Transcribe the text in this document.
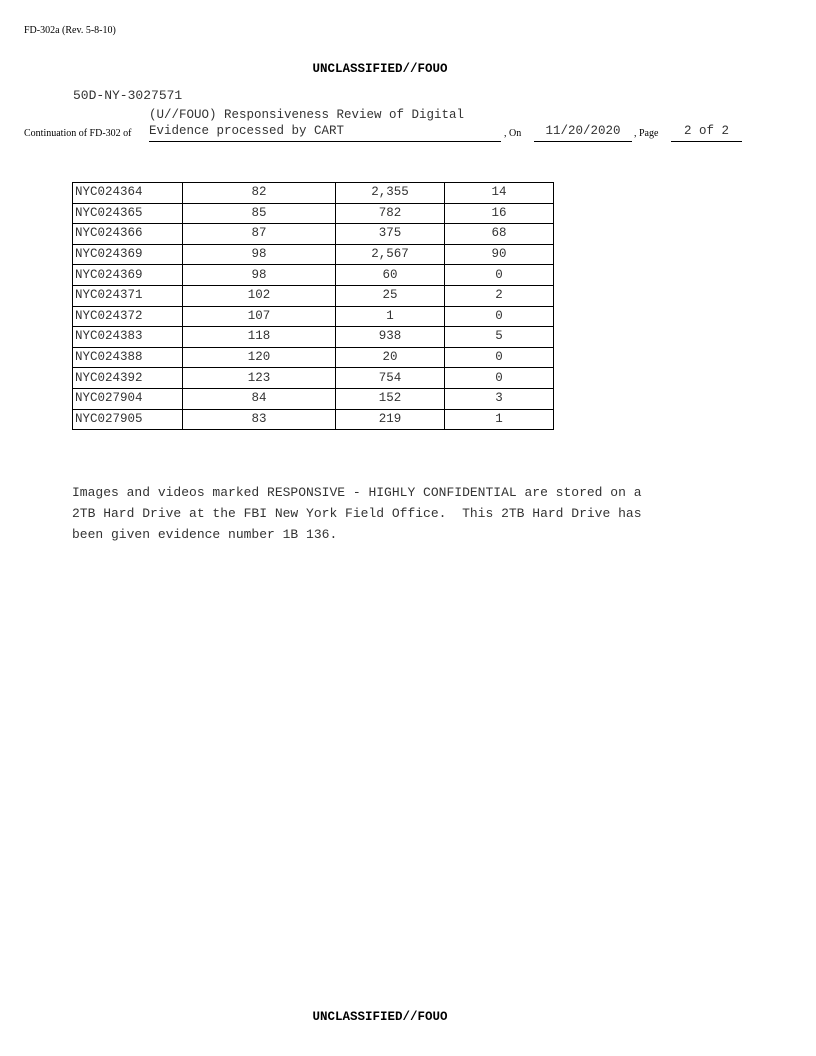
FD-302a (Rev. 5-8-10)
UNCLASSIFIED//FOUO
50D-NY-3027571
(U//FOUO) Responsiveness Review of Digital
Continuation of FD-302 of Evidence processed by CART	, On	11/20/2020	, Page	2 of 2
NYC024364	82	2,355	14
NYC024365	85	782	16
NYC024366	87	375	68
NYC024369	98	2,567	90
NYC024369	98	60	0
NYC024371	102	25	2
NYC024372	107	1	0
NYC024383	118	938	5
NYC024388	120	20	0
NYC024392	123	754	0
NYC027904	84	152	3
NYC027905	83	219	1
Images and videos marked RESPONSIVE - HIGHLY CONFIDENTIAL are stored on a
2TB Hard Drive at the FBI New York Field Office.  This 2TB Hard Drive has
been given evidence number 1B 136.
UNCLASSIFIED//FOUO
